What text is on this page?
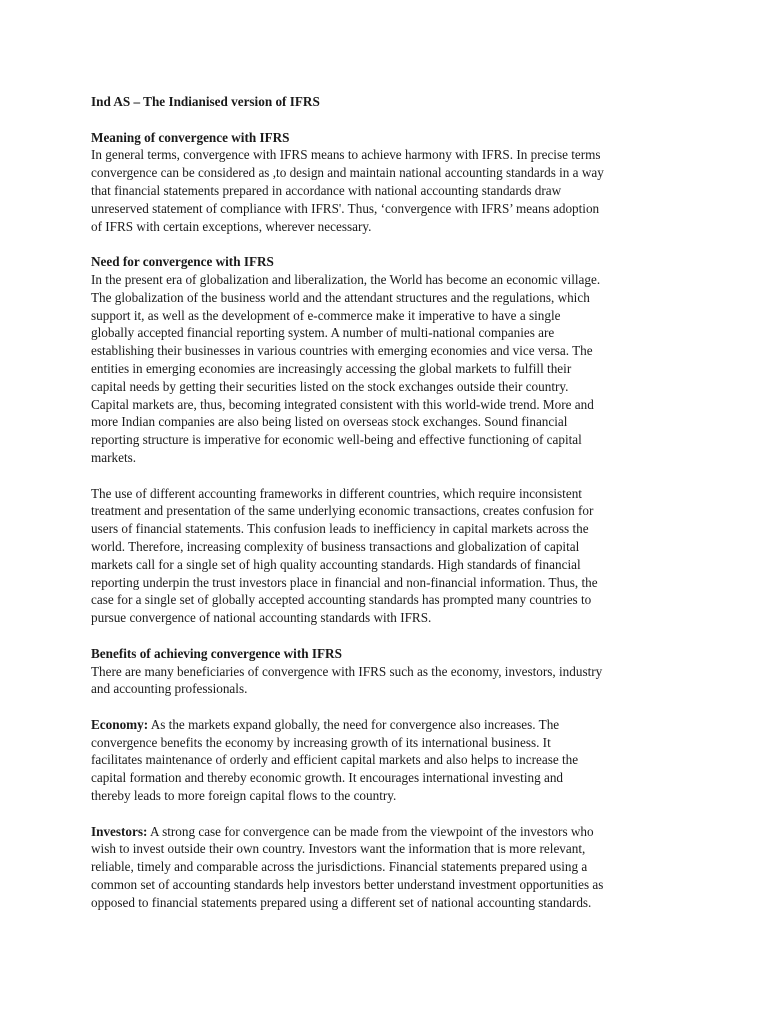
Ind AS – The Indianised version of IFRS
Meaning of convergence with IFRS
In general terms, convergence with IFRS means to achieve harmony with IFRS. In precise terms
convergence can be considered as ,to design and maintain national accounting standards in a way
that financial statements prepared in accordance with national accounting standards draw
unreserved statement of compliance with IFRS'. Thus, ‘convergence with IFRS’ means adoption
of IFRS with certain exceptions, wherever necessary.
Need for convergence with IFRS
In the present era of globalization and liberalization, the World has become an economic village.
The globalization of the business world and the attendant structures and the regulations, which
support it, as well as the development of e-commerce make it imperative to have a single
globally accepted financial reporting system. A number of multi-national companies are
establishing their businesses in various countries with emerging economies and vice versa. The
entities in emerging economies are increasingly accessing the global markets to fulfill their
capital needs by getting their securities listed on the stock exchanges outside their country.
Capital markets are, thus, becoming integrated consistent with this world-wide trend. More and
more Indian companies are also being listed on overseas stock exchanges. Sound financial
reporting structure is imperative for economic well-being and effective functioning of capital
markets.
The use of different accounting frameworks in different countries, which require inconsistent
treatment and presentation of the same underlying economic transactions, creates confusion for
users of financial statements. This confusion leads to inefficiency in capital markets across the
world. Therefore, increasing complexity of business transactions and globalization of capital
markets call for a single set of high quality accounting standards. High standards of financial
reporting underpin the trust investors place in financial and non-financial information. Thus, the
case for a single set of globally accepted accounting standards has prompted many countries to
pursue convergence of national accounting standards with IFRS.
Benefits of achieving convergence with IFRS
There are many beneficiaries of convergence with IFRS such as the economy, investors, industry
and accounting professionals.
Economy: As the markets expand globally, the need for convergence also increases. The
convergence benefits the economy by increasing growth of its international business. It
facilitates maintenance of orderly and efficient capital markets and also helps to increase the
capital formation and thereby economic growth. It encourages international investing and
thereby leads to more foreign capital flows to the country.
Investors: A strong case for convergence can be made from the viewpoint of the investors who
wish to invest outside their own country. Investors want the information that is more relevant,
reliable, timely and comparable across the jurisdictions. Financial statements prepared using a
common set of accounting standards help investors better understand investment opportunities as
opposed to financial statements prepared using a different set of national accounting standards.
